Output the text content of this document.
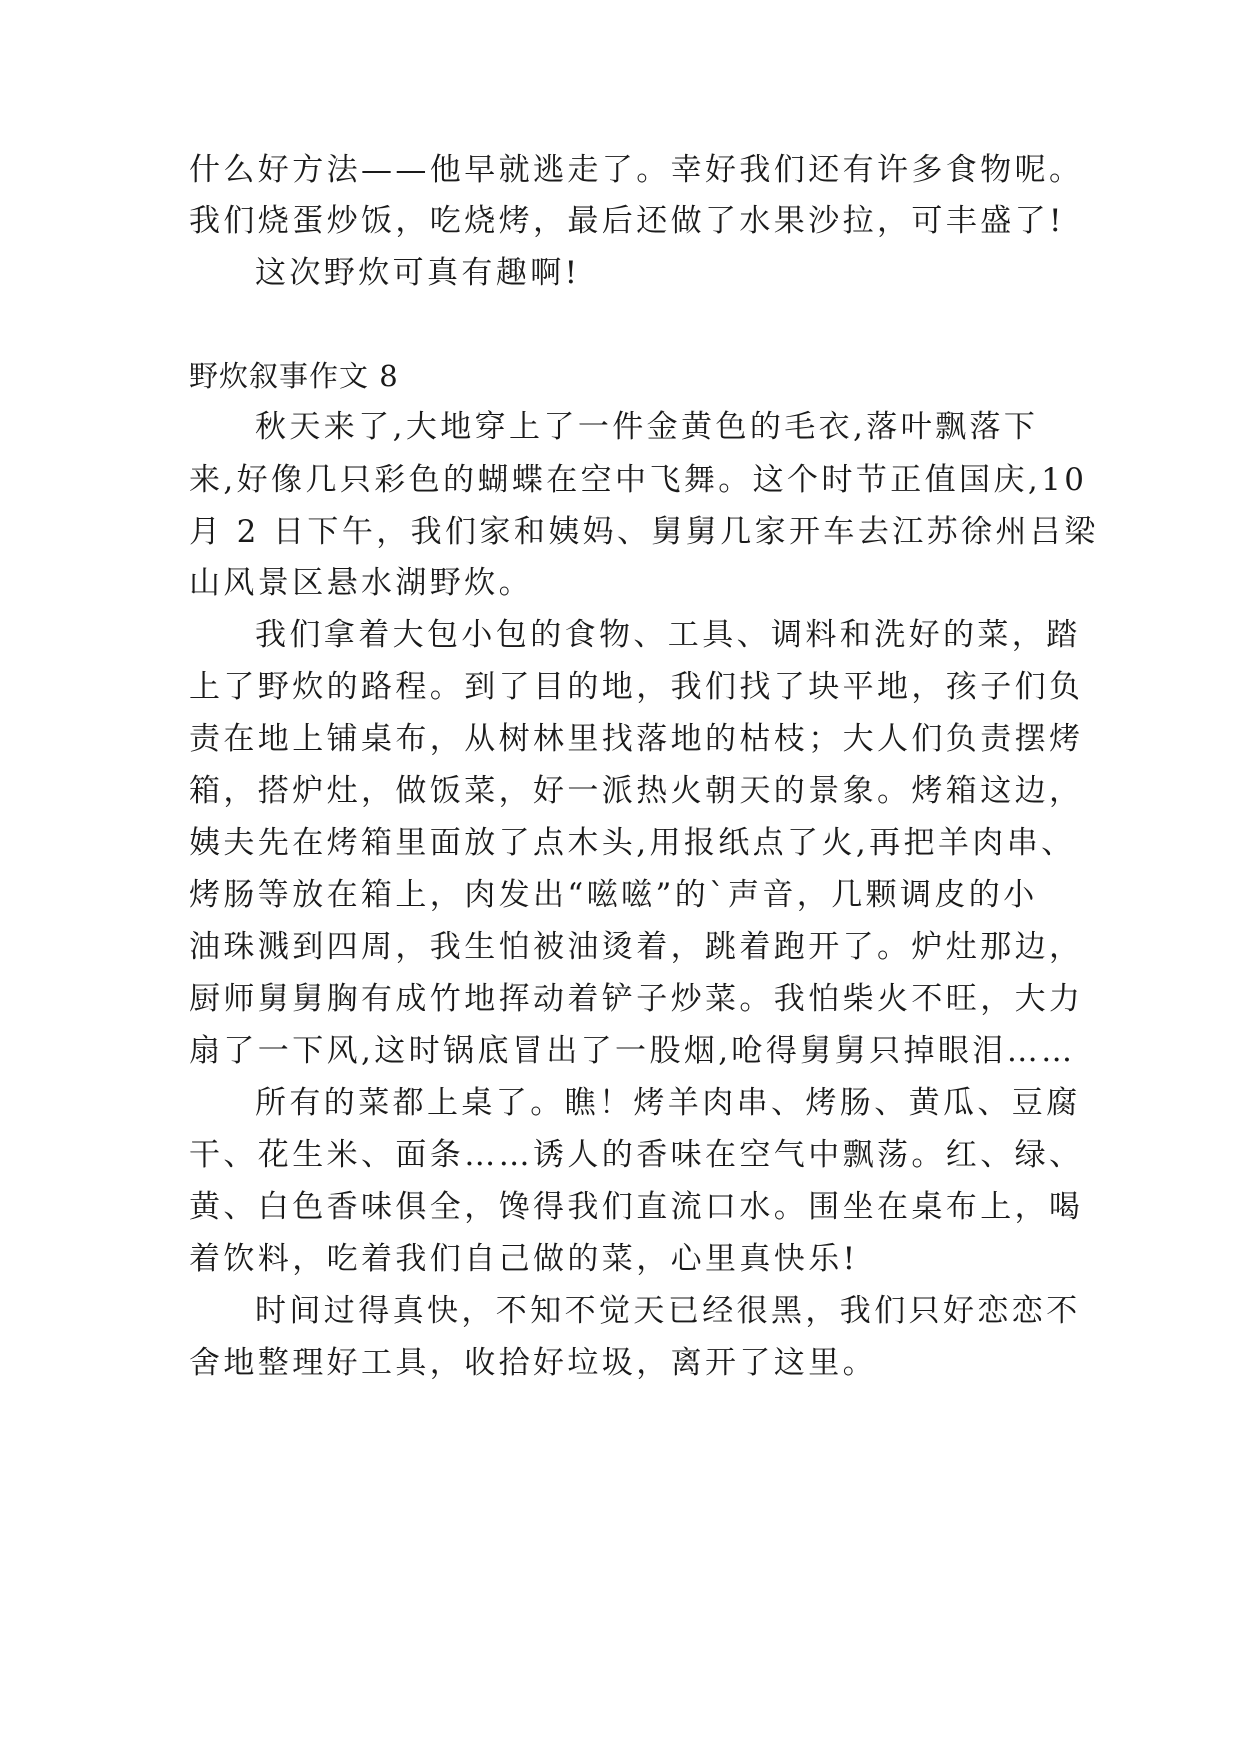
什么好方法——他早就逃走了。幸好我们还有许多食物呢。
我们烧蛋炒饭，吃烧烤，最后还做了水果沙拉，可丰盛了!
这次野炊可真有趣啊!
野炊叙事作文 8
秋天来了,大地穿上了一件金黄色的毛衣,落叶飘落下
来,好像几只彩色的蝴蝶在空中飞舞。这个时节正值国庆,10
月 2 日下午，我们家和姨妈、舅舅几家开车去江苏徐州吕梁
山风景区悬水湖野炊。
我们拿着大包小包的食物、工具、调料和洗好的菜，踏
上了野炊的路程。到了目的地，我们找了块平地，孩子们负
责在地上铺桌布，从树林里找落地的枯枝；大人们负责摆烤
箱，搭炉灶，做饭菜，好一派热火朝天的景象。烤箱这边，
姨夫先在烤箱里面放了点木头,用报纸点了火,再把羊肉串、
烤肠等放在箱上，肉发出“嗞嗞”的`声音，几颗调皮的小
油珠溅到四周，我生怕被油烫着，跳着跑开了。炉灶那边，
厨师舅舅胸有成竹地挥动着铲子炒菜。我怕柴火不旺，大力
扇了一下风,这时锅底冒出了一股烟,呛得舅舅只掉眼泪……
所有的菜都上桌了。瞧！烤羊肉串、烤肠、黄瓜、豆腐
干、花生米、面条……诱人的香味在空气中飘荡。红、绿、
黄、白色香味俱全，馋得我们直流口水。围坐在桌布上，喝
着饮料，吃着我们自己做的菜，心里真快乐!
时间过得真快，不知不觉天已经很黑，我们只好恋恋不
舍地整理好工具，收拾好垃圾，离开了这里。
